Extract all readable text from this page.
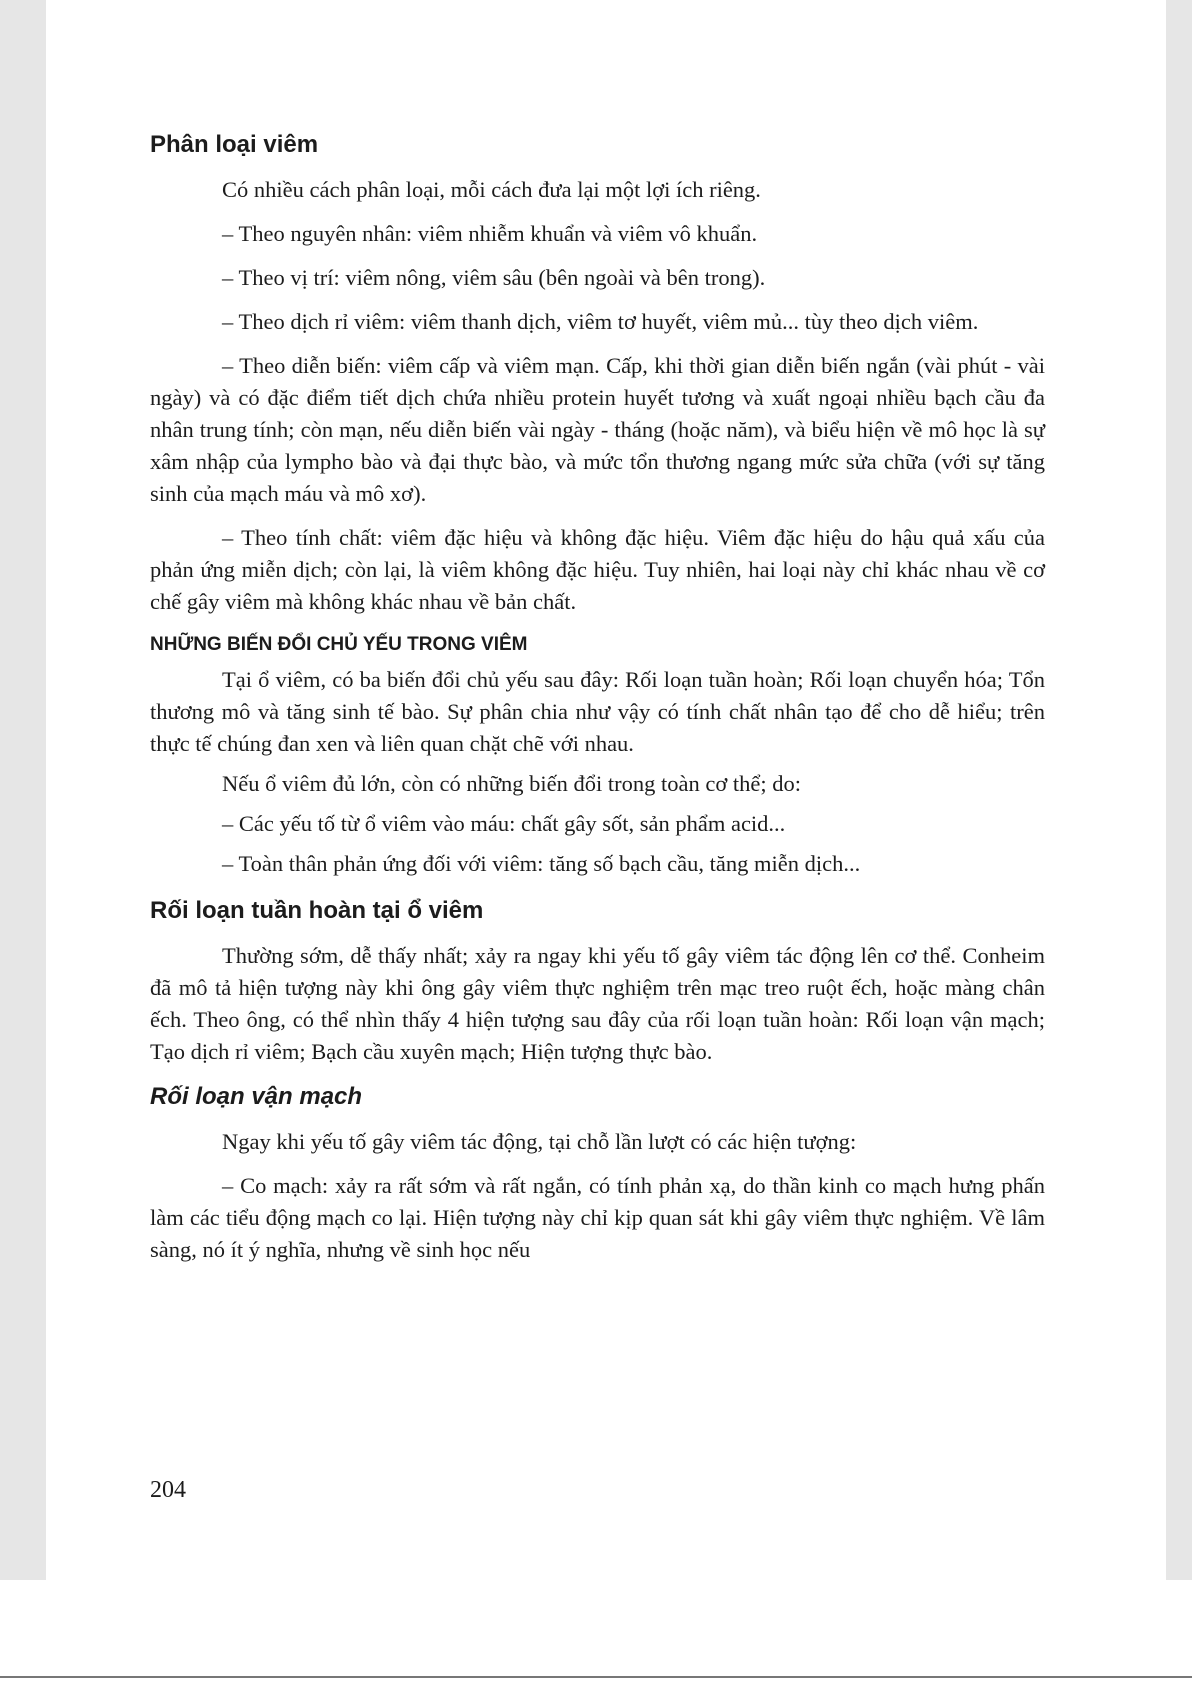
Phân loại viêm

Có nhiều cách phân loại, mỗi cách đưa lại một lợi ích riêng.

– Theo nguyên nhân: viêm nhiễm khuẩn và viêm vô khuẩn.

– Theo vị trí: viêm nông, viêm sâu (bên ngoài và bên trong).

– Theo dịch rỉ viêm: viêm thanh dịch, viêm tơ huyết, viêm mủ... tùy theo dịch viêm.

– Theo diễn biến: viêm cấp và viêm mạn. Cấp, khi thời gian diễn biến ngắn (vài phút - vài ngày) và có đặc điểm tiết dịch chứa nhiều protein huyết tương và xuất ngoại nhiều bạch cầu đa nhân trung tính; còn mạn, nếu diễn biến vài ngày - tháng (hoặc năm), và biểu hiện về mô học là sự xâm nhập của lympho bào và đại thực bào, và mức tổn thương ngang mức sửa chữa (với sự tăng sinh của mạch máu và mô xơ).

– Theo tính chất: viêm đặc hiệu và không đặc hiệu. Viêm đặc hiệu do hậu quả xấu của phản ứng miễn dịch; còn lại, là viêm không đặc hiệu. Tuy nhiên, hai loại này chỉ khác nhau về cơ chế gây viêm mà không khác nhau về bản chất.

NHỮNG BIẾN ĐỔI CHỦ YẾU TRONG VIÊM

Tại ổ viêm, có ba biến đổi chủ yếu sau đây: Rối loạn tuần hoàn; Rối loạn chuyển hóa; Tổn thương mô và tăng sinh tế bào. Sự phân chia như vậy có tính chất nhân tạo để cho dễ hiểu; trên thực tế chúng đan xen và liên quan chặt chẽ với nhau.

Nếu ổ viêm đủ lớn, còn có những biến đổi trong toàn cơ thể; do:

– Các yếu tố từ ổ viêm vào máu: chất gây sốt, sản phẩm acid...

– Toàn thân phản ứng đối với viêm: tăng số bạch cầu, tăng miễn dịch...

Rối loạn tuần hoàn tại ổ viêm

Thường sớm, dễ thấy nhất; xảy ra ngay khi yếu tố gây viêm tác động lên cơ thể. Conheim đã mô tả hiện tượng này khi ông gây viêm thực nghiệm trên mạc treo ruột ếch, hoặc màng chân ếch. Theo ông, có thể nhìn thấy 4 hiện tượng sau đây của rối loạn tuần hoàn: Rối loạn vận mạch; Tạo dịch rỉ viêm; Bạch cầu xuyên mạch; Hiện tượng thực bào.

Rối loạn vận mạch

Ngay khi yếu tố gây viêm tác động, tại chỗ lần lượt có các hiện tượng:

– Co mạch: xảy ra rất sớm và rất ngắn, có tính phản xạ, do thần kinh co mạch hưng phấn làm các tiểu động mạch co lại. Hiện tượng này chỉ kịp quan sát khi gây viêm thực nghiệm. Về lâm sàng, nó ít ý nghĩa, nhưng về sinh học nếu

204
